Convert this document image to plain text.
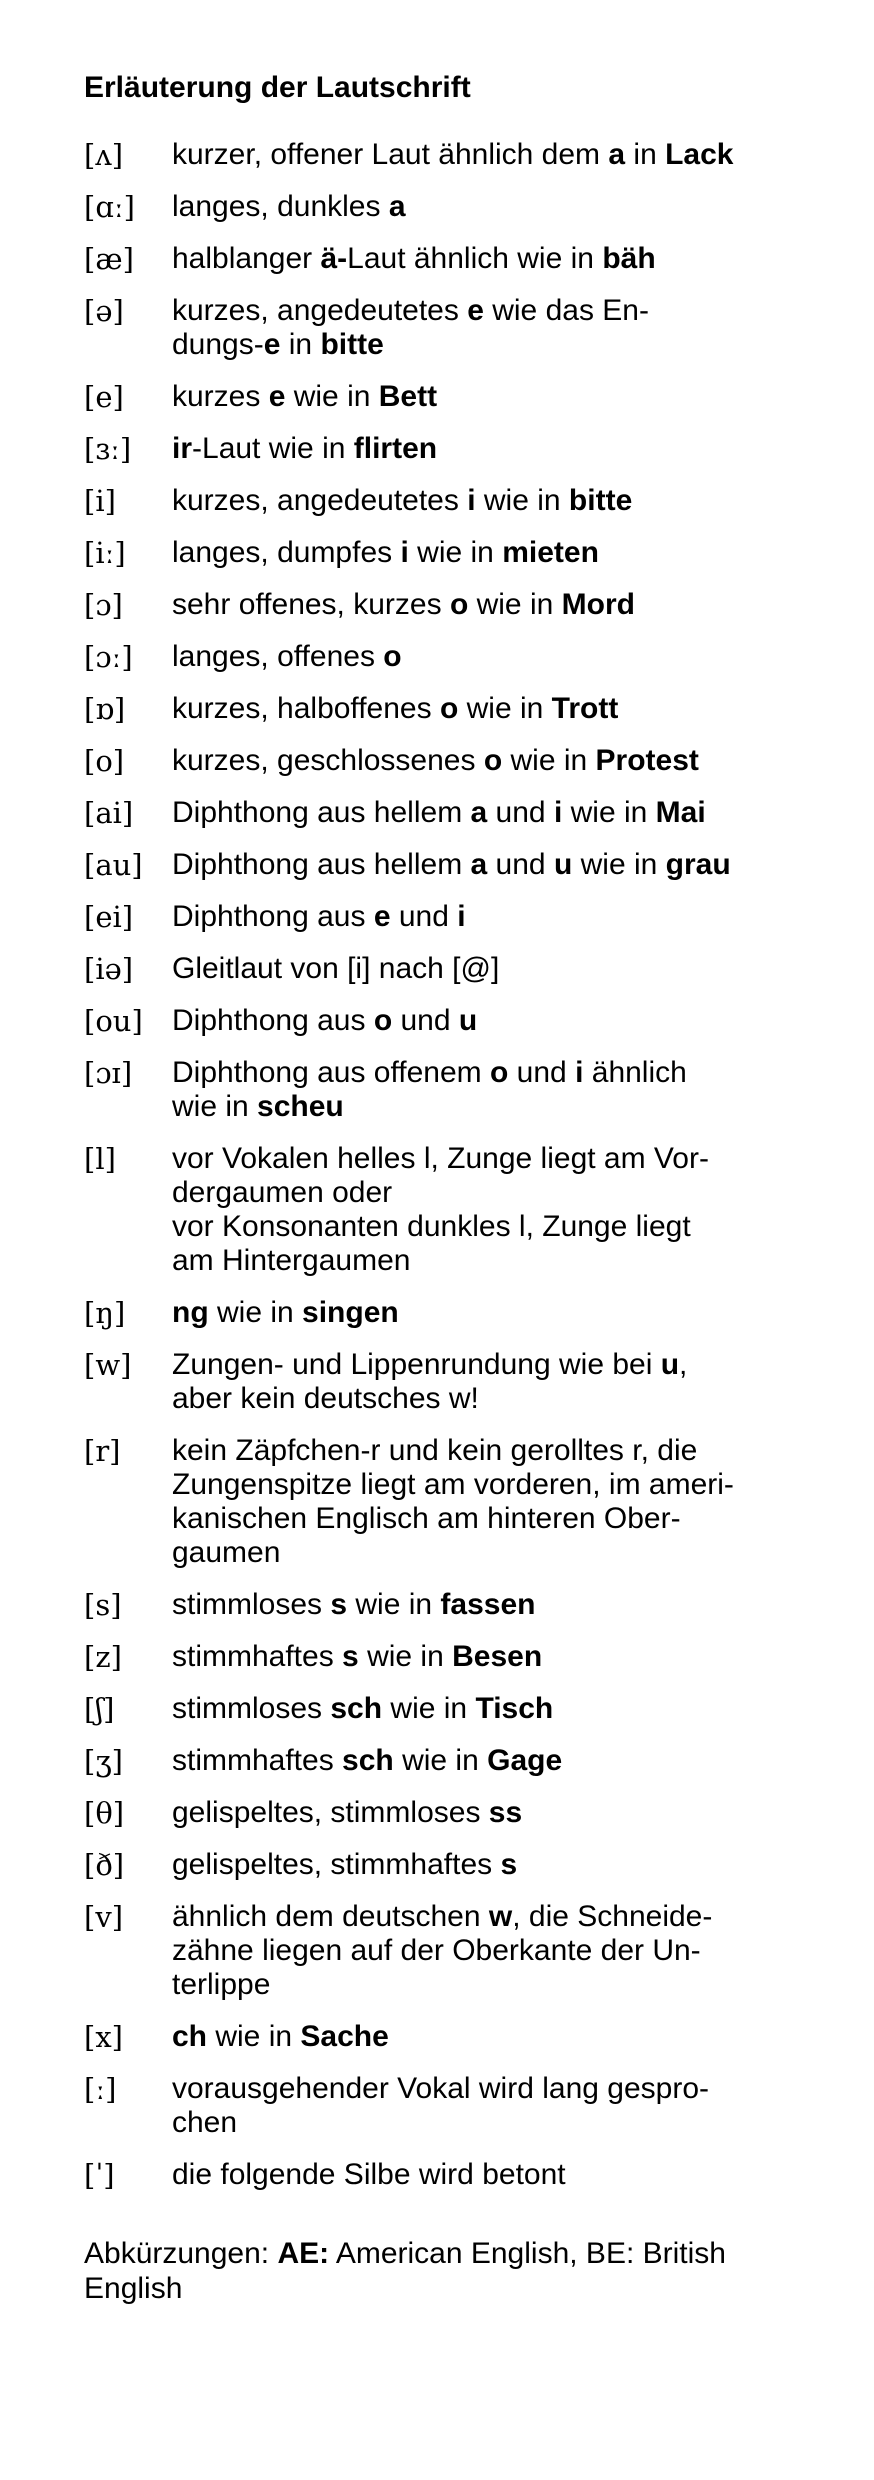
Erläuterung der Lautschrift
[ʌ]	kurzer, offener Laut ähnlich dem a in Lack
[ɑː]	langes, dunkles a
[æ]	halblanger ä-Laut ähnlich wie in bäh
[ə]	kurzes, angedeutetes e wie das En-
dungs-e in bitte
[e]	kurzes e wie in Bett
[ɜː]	ir-Laut wie in flirten
[i]	kurzes, angedeutetes i wie in bitte
[iː]	langes, dumpfes i wie in mieten
[ɔ]	sehr offenes, kurzes o wie in Mord
[ɔː]	langes, offenes o
[ɒ]	kurzes, halboffenes o wie in Trott
[o]	kurzes, geschlossenes o wie in Protest
[ai]	Diphthong aus hellem a und i wie in Mai
[au] Diphthong aus hellem a und u wie in grau
[ei]	Diphthong aus e und i
[iə]	Gleitlaut von [i] nach [@]
[ou] Diphthong aus o und u
[ɔɪ]	Diphthong aus offenem o und i ähnlich
wie in scheu
[l]	vor Vokalen helles l, Zunge liegt am Vor-
dergaumen oder
vor Konsonanten dunkles l, Zunge liegt
am Hintergaumen
[ŋ]	ng wie in singen
[w]	Zungen- und Lippenrundung wie bei u,
aber kein deutsches w!
[r]	kein Zäpfchen-r und kein gerolltes r, die
Zungenspitze liegt am vorderen, im ameri-
kanischen Englisch am hinteren Ober-
gaumen
[s]	stimmloses s wie in fassen
[z]	stimmhaftes s wie in Besen
[ʃ]	stimmloses sch wie in Tisch
[ʒ]	stimmhaftes sch wie in Gage
[θ]	gelispeltes, stimmloses ss
[ð]	gelispeltes, stimmhaftes s
[v]	ähnlich dem deutschen w, die Schneide-
zähne liegen auf der Oberkante der Un-
terlippe
[x]	ch wie in Sache
[ː]	vorausgehender Vokal wird lang gespro-
chen
[ˈ]	die folgende Silbe wird betont
Abkürzungen: AE: American English, BE: British English
